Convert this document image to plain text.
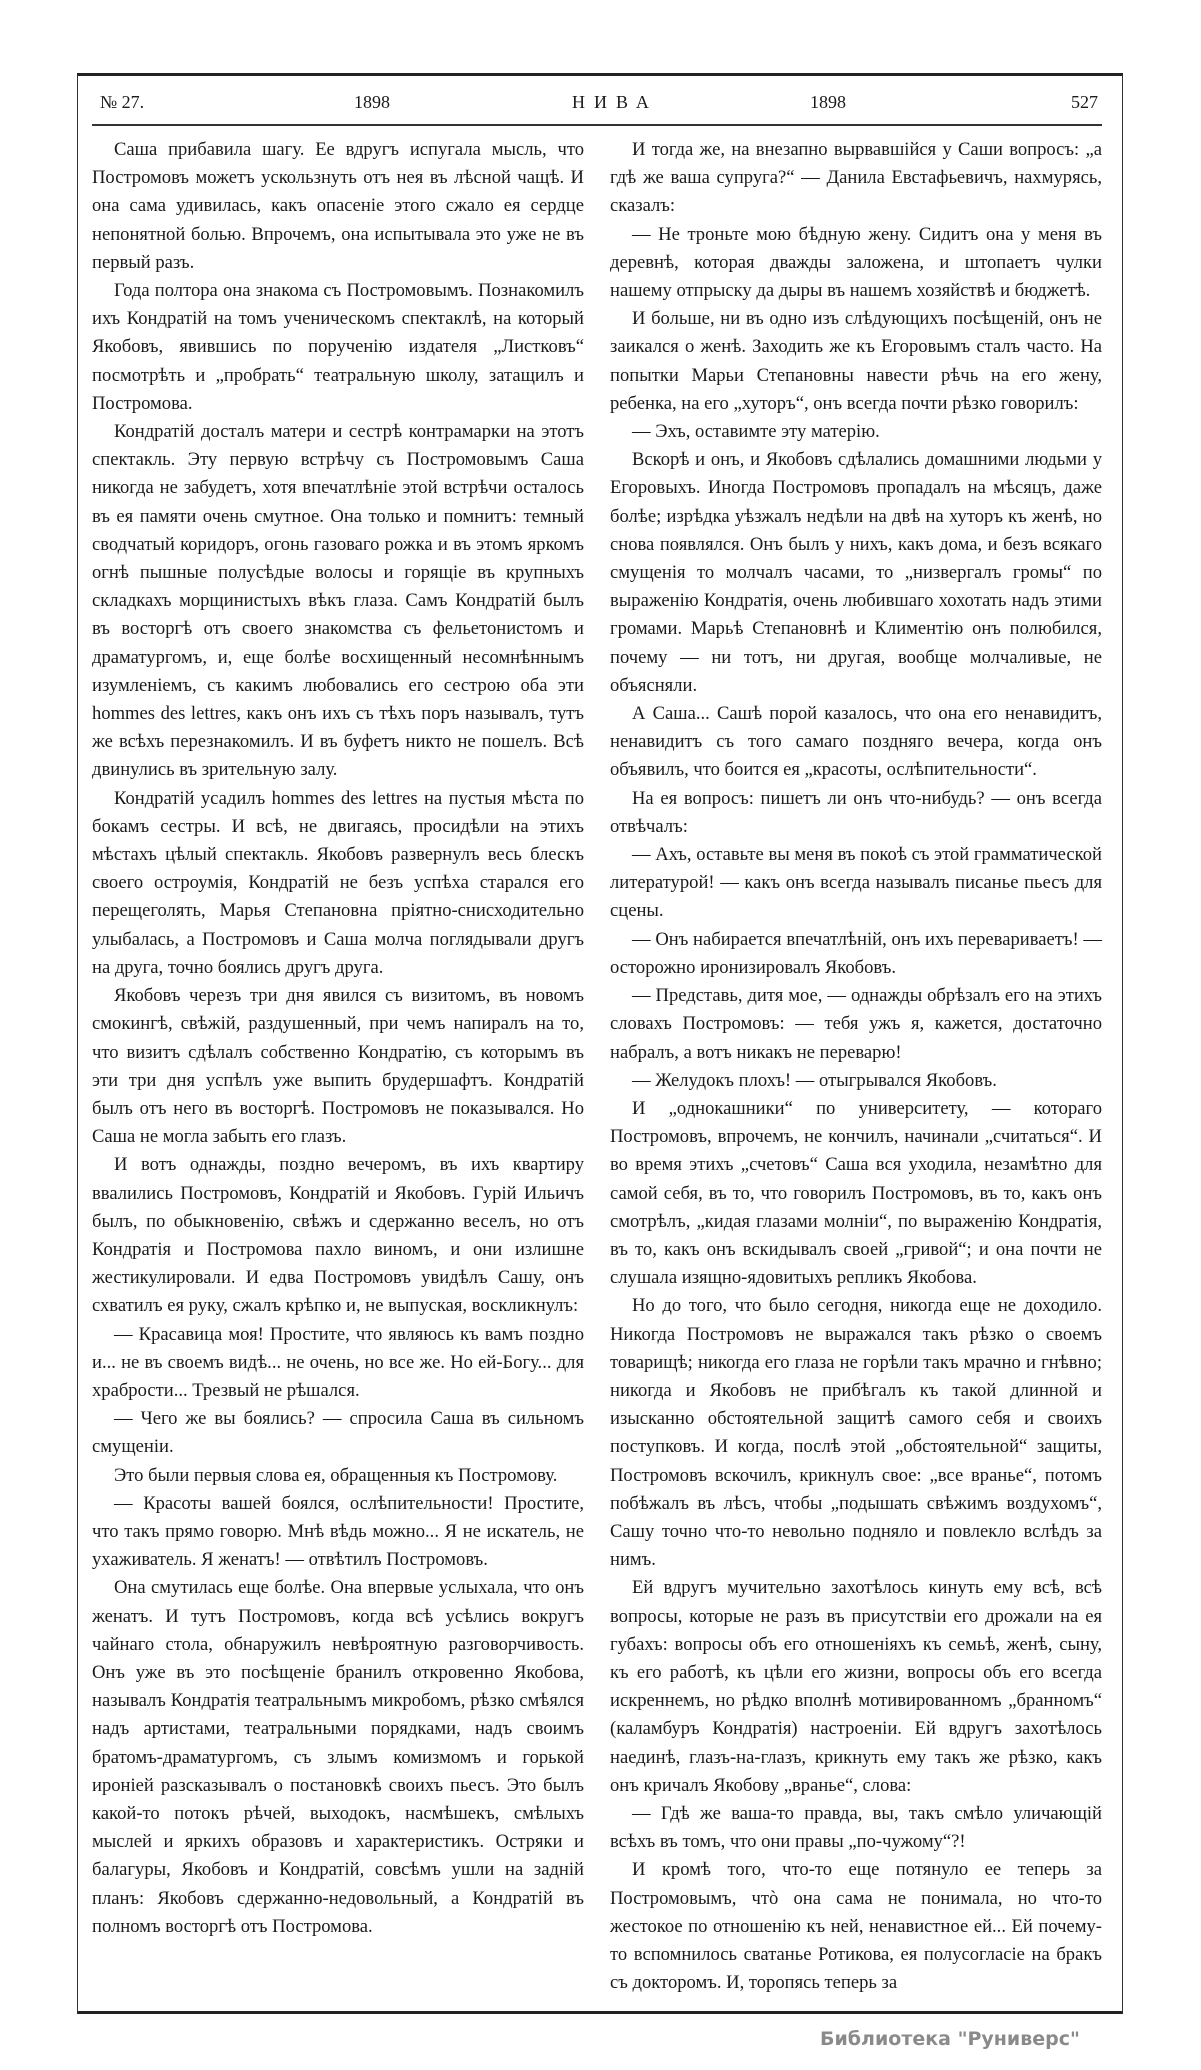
№ 27.	1898	НИВА	1898	527

Саша прибавила шагу. Ее вдругъ испугала мысль, что Постромовъ можетъ ускользнуть отъ нея въ лѣсной чащѣ. И она сама удивилась, какъ опасеніе этого сжало ея сердце непонятной болью. Впрочемъ, она испытывала это уже не въ первый разъ.

Года полтора она знакома съ Постромовымъ. Познакомилъ ихъ Кондратій на томъ ученическомъ спектаклѣ, на который Якобовъ, явившись по порученію издателя „Листковъ“ посмотрѣть и „пробрать“ театральную школу, затащилъ и Постромова.

Кондратій досталъ матери и сестрѣ контрамарки на этотъ спектакль. Эту первую встрѣчу съ Постромовымъ Саша никогда не забудетъ, хотя впечатлѣніе этой встрѣчи осталось въ ея памяти очень смутное. Она только и помнитъ: темный сводчатый коридоръ, огонь газоваго рожка и въ этомъ яркомъ огнѣ пышные полусѣдые волосы и горящіе въ крупныхъ складкахъ морщинистыхъ вѣкъ глаза. Самъ Кондратій былъ въ восторгѣ отъ своего знакомства съ фельетонистомъ и драматургомъ, и, еще болѣе восхищенный несомнѣннымъ изумленіемъ, съ какимъ любовались его сестрою оба эти hommes des lettres, какъ онъ ихъ съ тѣхъ поръ называлъ, тутъ же всѣхъ перезнакомилъ. И въ буфетъ никто не пошелъ. Всѣ двинулись въ зрительную залу.

Кондратій усадилъ hommes des lettres на пустыя мѣста по бокамъ сестры. И всѣ, не двигаясь, просидѣли на этихъ мѣстахъ цѣлый спектакль. Якобовъ развернулъ весь блескъ своего остроумія, Кондратій не безъ успѣха старался его перещеголять, Марья Степановна пріятно-снисходительно улыбалась, а Постромовъ и Саша молча поглядывали другъ на друга, точно боялись другъ друга.

Якобовъ черезъ три дня явился съ визитомъ, въ новомъ смокингѣ, свѣжій, раздушенный, при чемъ напиралъ на то, что визитъ сдѣлалъ собственно Кондратію, съ которымъ въ эти три дня успѣлъ уже выпить брудершафтъ. Кондратій былъ отъ него въ восторгѣ. Постромовъ не показывался. Но Саша не могла забыть его глазъ.

И вотъ однажды, поздно вечеромъ, въ ихъ квартиру ввалились Постромовъ, Кондратій и Якобовъ. Гурій Ильичъ былъ, по обыкновенію, свѣжъ и сдержанно веселъ, но отъ Кондратія и Постромова пахло виномъ, и они излишне жестикулировали. И едва Постромовъ увидѣлъ Сашу, онъ схватилъ ея руку, сжалъ крѣпко и, не выпуская, воскликнулъ:

— Красавица моя! Простите, что являюсь къ вамъ поздно и... не въ своемъ видѣ... не очень, но все же. Но ей-Богу... для храбрости... Трезвый не рѣшался.

— Чего же вы боялись? — спросила Саша въ сильномъ смущеніи.

Это были первыя слова ея, обращенныя къ Постромову.

— Красоты вашей боялся, ослѣпительности! Простите, что такъ прямо говорю. Мнѣ вѣдь можно... Я не искатель, не ухаживатель. Я женатъ! — отвѣтилъ Постромовъ.

Она смутилась еще болѣе. Она впервые услыхала, что онъ женатъ. И тутъ Постромовъ, когда всѣ усѣлись вокругъ чайнаго стола, обнаружилъ невѣроятную разговорчивость. Онъ уже въ это посѣщеніе бранилъ откровенно Якобова, называлъ Кондратія театральнымъ микробомъ, рѣзко смѣялся надъ артистами, театральными порядками, надъ своимъ братомъ-драматургомъ, съ злымъ комизмомъ и горькой ироніей разсказывалъ о постановкѣ своихъ пьесъ. Это былъ какой-то потокъ рѣчей, выходокъ, насмѣшекъ, смѣлыхъ мыслей и яркихъ образовъ и характеристикъ. Остряки и балагуры, Якобовъ и Кондратій, совсѣмъ ушли на задній планъ: Якобовъ сдержанно-недовольный, а Кондратій въ полномъ восторгѣ отъ Постромова.

И тогда же, на внезапно вырвавшійся у Саши вопросъ: „а гдѣ же ваша супруга?“ — Данила Евстафьевичъ, нахмурясь, сказалъ:

— Не троньте мою бѣдную жену. Сидитъ она у меня въ деревнѣ, которая дважды заложена, и штопаетъ чулки нашему отпрыску да дыры въ нашемъ хозяйствѣ и бюджетѣ.

И больше, ни въ одно изъ слѣдующихъ посѣщеній, онъ не заикался о женѣ. Заходить же къ Егоровымъ сталъ часто. На попытки Марьи Степановны навести рѣчь на его жену, ребенка, на его „хуторъ“, онъ всегда почти рѣзко говорилъ:

— Эхъ, оставимте эту матерію.

Вскорѣ и онъ, и Якобовъ сдѣлались домашними людьми у Егоровыхъ. Иногда Постромовъ пропадалъ на мѣсяцъ, даже болѣе; изрѣдка уѣзжалъ недѣли на двѣ на хуторъ къ женѣ, но снова появлялся. Онъ былъ у нихъ, какъ дома, и безъ всякаго смущенія то молчалъ часами, то „низвергалъ громы“ по выраженію Кондратія, очень любившаго хохотать надъ этими громами. Марьѣ Степановнѣ и Климентію онъ полюбился, почему — ни тотъ, ни другая, вообще молчаливые, не объясняли.

А Саша... Сашѣ порой казалось, что она его ненавидитъ, ненавидитъ съ того самаго поздняго вечера, когда онъ объявилъ, что боится ея „красоты, ослѣпительности“.

На ея вопросъ: пишетъ ли онъ что-нибудь? — онъ всегда отвѣчалъ:

— Ахъ, оставьте вы меня въ покоѣ съ этой грамматической литературой! — какъ онъ всегда называлъ писанье пьесъ для сцены.

— Онъ набирается впечатлѣній, онъ ихъ перевариваетъ! — осторожно иронизировалъ Якобовъ.

— Представь, дитя мое, — однажды обрѣзалъ его на этихъ словахъ Постромовъ: — тебя ужъ я, кажется, достаточно набралъ, а вотъ никакъ не переварю!

— Желудокъ плохъ! — отыгрывался Якобовъ.

И „однокашники“ по университету, — котораго Постромовъ, впрочемъ, не кончилъ, начинали „считаться“. И во время этихъ „счетовъ“ Саша вся уходила, незамѣтно для самой себя, въ то, что говорилъ Постромовъ, въ то, какъ онъ смотрѣлъ, „кидая глазами молніи“, по выраженію Кондратія, въ то, какъ онъ вскидывалъ своей „гривой“; и она почти не слушала изящно-ядовитыхъ репликъ Якобова.

Но до того, что было сегодня, никогда еще не доходило. Никогда Постромовъ не выражался такъ рѣзко о своемъ товарищѣ; никогда его глаза не горѣли такъ мрачно и гнѣвно; никогда и Якобовъ не прибѣгалъ къ такой длинной и изысканно обстоятельной защитѣ самого себя и своихъ поступковъ. И когда, послѣ этой „обстоятельной“ защиты, Постромовъ вскочилъ, крикнулъ свое: „все вранье“, потомъ побѣжалъ въ лѣсъ, чтобы „подышать свѣжимъ воздухомъ“, Сашу точно что-то невольно подняло и повлекло вслѣдъ за нимъ.

Ей вдругъ мучительно захотѣлось кинуть ему всѣ, всѣ вопросы, которые не разъ въ присутствіи его дрожали на ея губахъ: вопросы объ его отношеніяхъ къ семьѣ, женѣ, сыну, къ его работѣ, къ цѣли его жизни, вопросы объ его всегда искреннемъ, но рѣдко вполнѣ мотивированномъ „бранномъ“ (каламбуръ Кондратія) настроеніи. Ей вдругъ захотѣлось наединѣ, глазъ-на-глазъ, крикнуть ему такъ же рѣзко, какъ онъ кричалъ Якобову „вранье“, слова:

— Гдѣ же ваша-то правда, вы, такъ смѣло уличающій всѣхъ въ томъ, что они правы „по-чужому“?!

И кромѣ того, что-то еще потянуло ее теперь за Постромовымъ, чтò она сама не понимала, но что-то жестокое по отношенію къ ней, ненавистное ей... Ей почему-то вспомнилось сватанье Ротикова, ея полусогласіе на бракъ съ докторомъ. И, торопясь теперь за

Библиотека "Руниверс"
